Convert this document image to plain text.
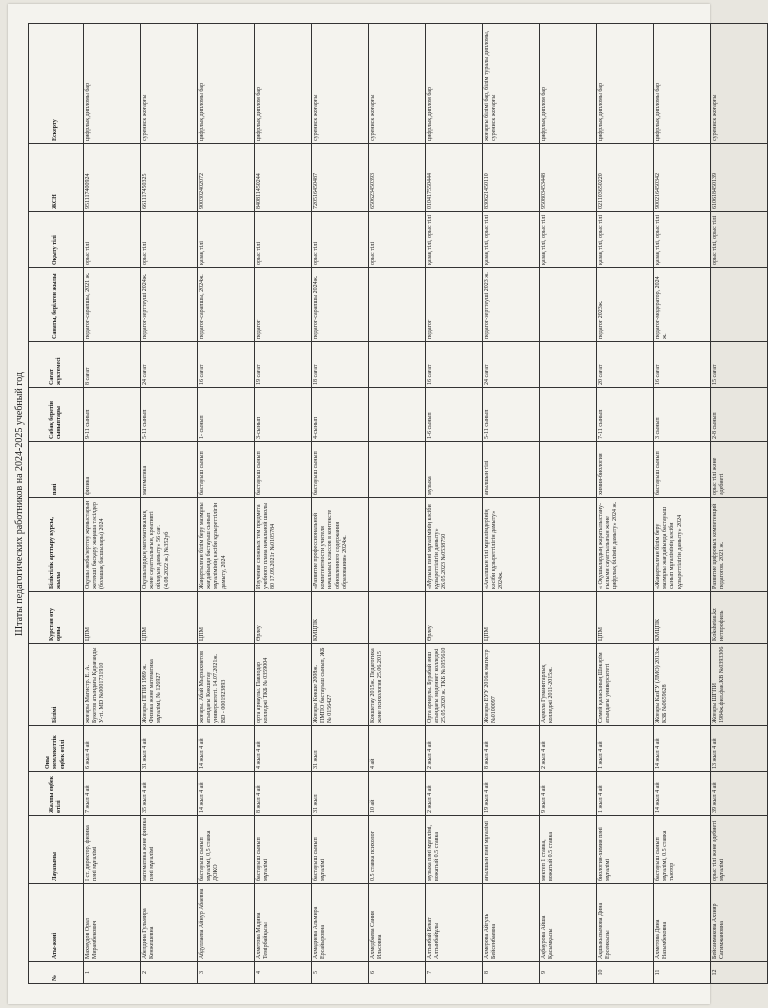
Штаты педагогических работников на 2024-2025 учебный год
№	Аты-жөні	Лауазымы	Жалпы еңбек өтілі	Оны мемлекеттік еңбек өтілі	Білімі	Курстан өту орны	Біліктілік арттыру курсы, жылы	пәні	Сабақ беретін сыныптары	Сағат жүктемесі	Санаты, берілген жылы	Оқыту тілі	ЖСН	Ескерту
1	Махмудов Орал Мирамбекович	I ст. директор, физика пәні мұғалімі	7 жыл 4 ай	6 жыл 4 ай	жоғары Магистр. Е. А. Букетов атындағы Қарағанды У-ті. МD №0001731910	ЦПМ	Оқушы жоба/зерттеу жұмыстарын жетекші басқару жаңаша тәсілдер (болашақ басшылары) 2024	физика	9-11 сынып	8 сағат	педагог-сарапшы, 2021 ж.	орыс тілі	951117400924	цифрлық дипломы бар
2	Абелдина Гульмира Кенжешевна	математика және физика пәні мұғалімі	35 жыл 4 ай	31 жыл 4 ай	Жоғары ПГПИ 1989 ж. Физика және математика мұғалімі, № 126927	ЦПМ	Оқушылардың математикалық және сауаттылығын, креативті ойлауын дамыту» 56 сағ. (4.08.2022 ж.) №352уб	математика	5-11 сынып	24 сағат	педагог-зерттеуші 2024ж.	орыс тілі	661117450325	сурениск жоғарғы
3	Абдуллаева Айнур Абаевна	бастауыш сынып мұғалімі, 0,5 ставка ДОКО	14 жыл 4 ай	14 жыл 4 ай	жоғары. Абай Мырзахметов атындағы Көкшетау университеті. 14.07.2021ж. BD - 0001923893	ЦПМ	Жаңартылған білім беру мазмұны жағдайында бастауыш сынып мұғалімінің кәсіби құзыреттілігін дамыту, 2024	бастауыш сынып	1- сынып	16 сағат	педагог-сарапшы, 2024ж.	қазақ тілі	900302402072	цифрлық дипломы бар
4	Ахметова Мадина Темірбайқызы	бастауыш сынып мұғалімі	8 жыл 4 ай	4 жыл 4 ай	орта арнаулы. Павлодар колледжі ТКБ № 0359004	Өрлеу	Изучение сложных тем предмета учебного плана начальной школы 80 17.09.2021г №0105784	бастауыш сынып	3-сынып	19 сағат	педагог	орыс тілі	840811450244	цифрлық диплом бар
5	Ахмадиева Альмира Ерсайыровна	бастауыш сынып мұғалімі	31 жыл	31 жыл	Жоғары Көкше 2008ж. ПМПО бастауыш сынып, ЖБ № 0156427	КМЦПК	«Развитие профессиональной компетентности учителя начальных классов в контексте обновленного содержания образования» 2024ж.	бастауыш сынып	4-сынып	18 сағат	педагог-сарапшы 2024ж.	орыс тілі	720516450487	сурениск жоғарғы
6	Ахмедбаева Сания Ильсовна	0.5 ставка психолог	10 ай	4 ай	Кокшетау 2015ж. Педагогика және психология 25.06.2015							орыс тілі	650623450393	сурениск жоғарғы
7	Алтынбай Бекат Алтынбайұлы	музыка пәні мұғалімі, вожатый 0.5 ставка	2 жыл 4 ай	2 жыл 4 ай	Орта арнаулы. Бурабай әнш атындағы мәдениет колледжі 25.05.2020 ж. TKБ №1055610	Өрлеу	«Музыка пәні мұғалімінің кәсіби құзыреттілігін дамыту» 26.05.2023 №0538750	музыка	1-6 сынып	16 сағат	педагог	қазақ тілі, орыс тілі	010417550444	цифрлық диплом бар
8	Ахмерова Айгуль Бейсенбаевна	ағылшын пәні мұғалімі	19 жыл 4 ай	8 жыл 4 ай	Жоғары ЕУУ 2016ж магистр №0100097	ЦПМ	«Ағылшын тілі мұғалімдерінің кәсіби құзыреттілігін дамыту» 2024ж.	ағылшын тілі	5-11 сынып	24 сағат	педагог-зерттеуші 2023 ж.	қазақ тілі, орыс тілі	830621450110	жоғарғы білімі бар, білім туралы дипломы, сурениск жоғарғы
9	Ақбаурова Айша Қасымқызы	мектеп 1 ставка, вожатый 0.5 ставка	9 жыл 4 ай	2 жыл 4 ай	Ақмола Гуманитарлық колледжі 2011-2015ж.							қазақ тілі, орыс тілі	950803453448	цифрлық диплом бар
10	Ақшыкызымова Дина Ерсенкызы	биология-химия пәні мұғалімі	1 жыл 4 ай	1 жыл 4 ай	Семей қаласының Шәкәрім атындағы университеті	ЦПМ	« Оқушылардың жаратылыстану-ғылыми сауаттылығын және цифрлық білімін дамыту» 2024 ж.	химия-биология	7-11 сынып	20 сағат	педагог 2023ж.	қазақ тілі, орыс тілі	021103650220	цифрлық дипломы бар
11	Ахметова Дина Назымбековна	бастауыш сынып мұғалімі, 0.5 ставка тьютор	14 жыл 4 ай	14 жыл 4 ай	Жоғары КазГУ (ЛМО) 2013ж. КЗБ №0659628	КМЦПК	«Жаңартылған білім беру мазмұны жағдайында бастауыш сынып мұғалімінің кәсіби құзыреттілігін дамыту» 2024	бастауыш сынып	3 сынып	16 сағат	педагог-модератор, 2024 ж.	қазақ тілі, орыс тілі	900216450342	цифрлық дипломы бар
12	Бейсанмакова Ахзияр Сагимжановна	орыс тілі және әдебиеті мұғалімі	39 жыл 4 ай	13 жыл 4 ай	Жоғары ШГПИ 1984ж.фил.фак.КВ №0393306	Kokshetau.kz нетпрофиль	Развитие цифровых компетенций педагогов. 2021 ж.	орыс тілі және әдебиеті	2-8 сынып	15 сағат		орыс тілі, орыс тілі	610618450139	сурениск жоғарғы
